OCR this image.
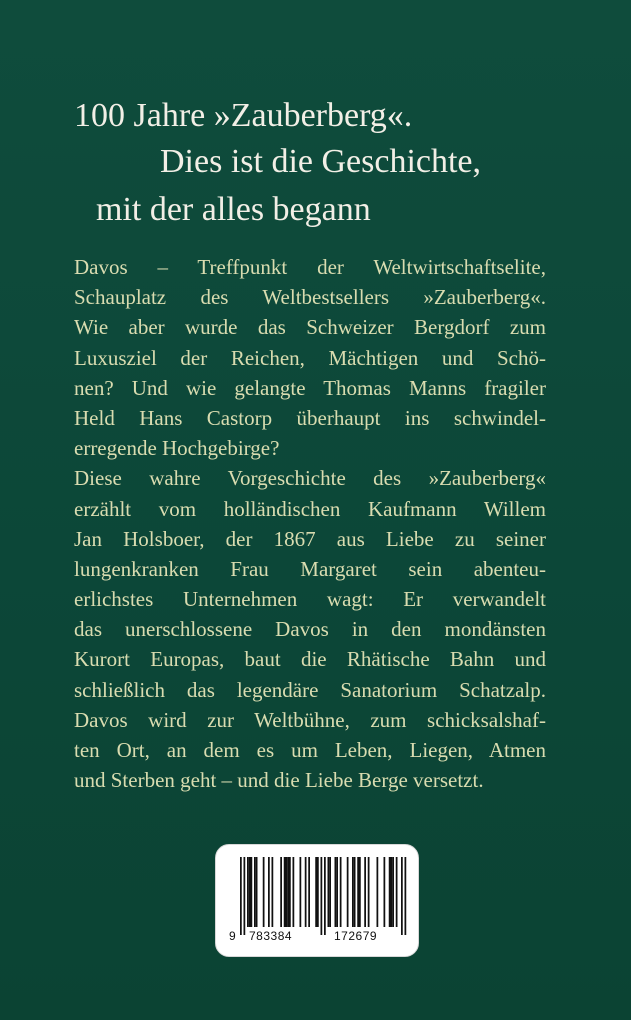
100 Jahre »Zauberberg«.
Dies ist die Geschichte,
mit der alles begann
Davos – Treffpunkt der Weltwirtschaftselite,
Schauplatz des Weltbestsellers »Zauberberg«.
Wie aber wurde das Schweizer Bergdorf zum
Luxusziel der Reichen, Mächtigen und Schö-
nen? Und wie gelangte Thomas Manns fragiler
Held Hans Castorp überhaupt ins schwindel-
erregende Hochgebirge?
Diese wahre Vorgeschichte des »Zauberberg«
erzählt vom holländischen Kaufmann Willem
Jan Holsboer, der 1867 aus Liebe zu seiner
lungenkranken Frau Margaret sein abenteu-
erlichstes Unternehmen wagt: Er verwandelt
das unerschlossene Davos in den mondänsten
Kurort Europas, baut die Rhätische Bahn und
schließlich das legendäre Sanatorium Schatzalp.
Davos wird zur Weltbühne, zum schicksalshaf-
ten Ort, an dem es um Leben, Liegen, Atmen
und Sterben geht – und die Liebe Berge versetzt.
9 783384	172679
